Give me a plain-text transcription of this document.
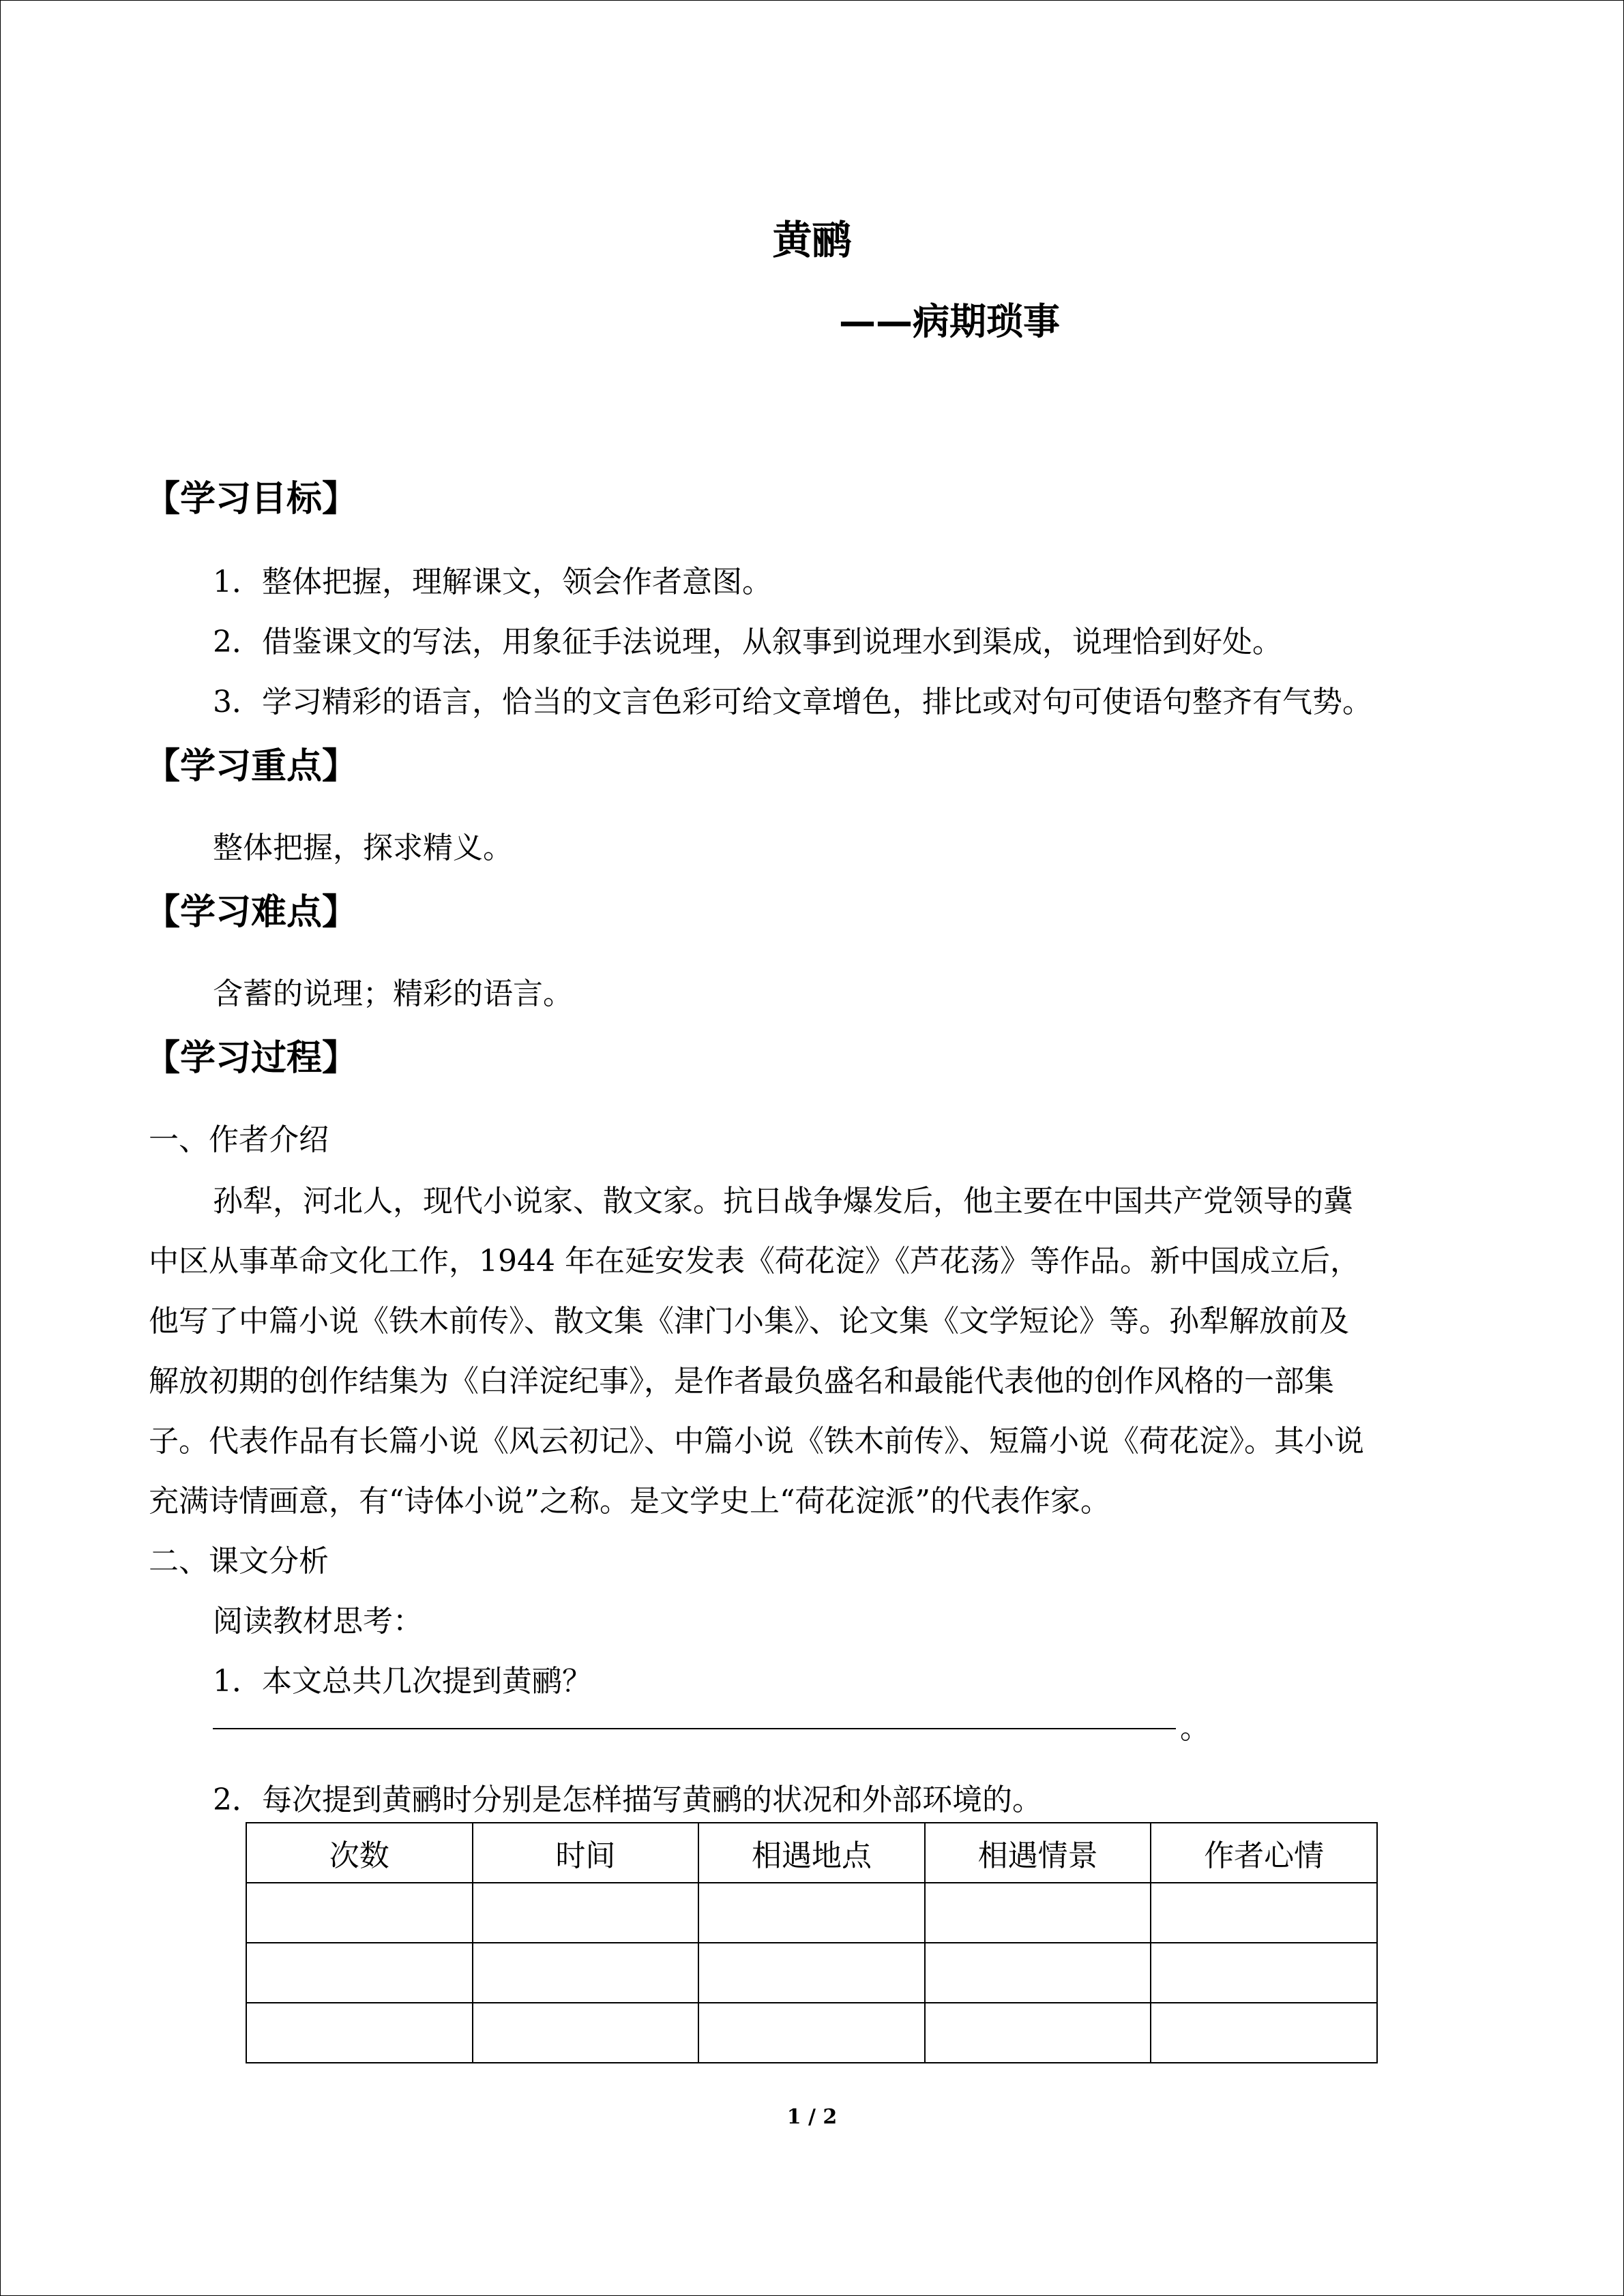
黄鹂
——病期琐事
【学习目标】
1．整体把握，理解课文，领会作者意图。
2．借鉴课文的写法，用象征手法说理，从叙事到说理水到渠成，说理恰到好处。
3．学习精彩的语言，恰当的文言色彩可给文章增色，排比或对句可使语句整齐有气势。
【学习重点】
整体把握，探求精义。
【学习难点】
含蓄的说理；精彩的语言。
【学习过程】
一、作者介绍
孙犁，河北人，现代小说家、散文家。抗日战争爆发后，他主要在中国共产党领导的冀
中区从事革命文化工作，1944 年在延安发表《荷花淀》《芦花荡》等作品。新中国成立后，
他写了中篇小说《铁木前传》、散文集《津门小集》、论文集《文学短论》等。孙犁解放前及
解放初期的创作结集为《白洋淀纪事》，是作者最负盛名和最能代表他的创作风格的一部集
子。代表作品有长篇小说《风云初记》、中篇小说《铁木前传》、短篇小说《荷花淀》。其小说
充满诗情画意，有“诗体小说”之称。是文学史上“荷花淀派”的代表作家。
二、课文分析
阅读教材思考：
1．本文总共几次提到黄鹂？
。
2．每次提到黄鹂时分别是怎样描写黄鹂的状况和外部环境的。
次数	时间	相遇地点	相遇情景	作者心情

1 / 2
